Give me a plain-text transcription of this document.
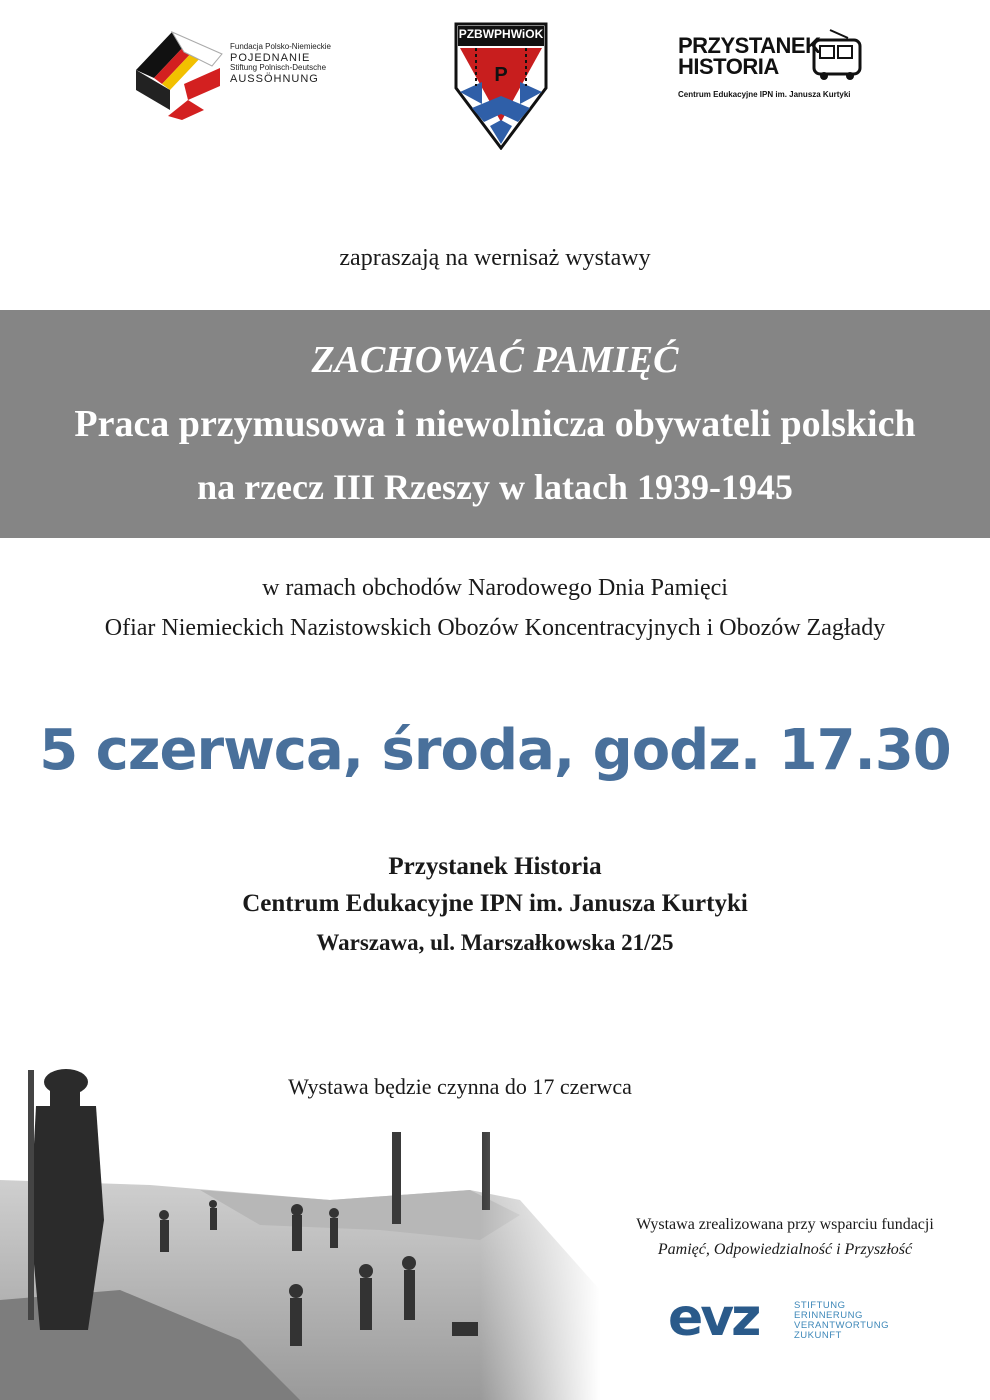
Fundacja Polsko-Niemieckie
POJEDNANIE
Stiftung Polnisch-Deutsche
AUSSÖHNUNG
PZBWPHWiOK
P
PRZYSTANEK
HISTORIA
Centrum Edukacyjne IPN im. Janusza Kurtyki
zapraszają na wernisaż wystawy
ZACHOWAĆ PAMIĘĆ
Praca przymusowa i niewolnicza obywateli polskich
na rzecz III Rzeszy w latach 1939-1945
w ramach obchodów Narodowego Dnia Pamięci
Ofiar Niemieckich Nazistowskich Obozów Koncentracyjnych i Obozów Zagłady
5 czerwca, środa, godz. 17.30
Przystanek Historia
Centrum Edukacyjne IPN im. Janusza Kurtyki
Warszawa, ul. Marszałkowska 21/25
Wystawa będzie czynna do 17 czerwca
Wystawa zrealizowana przy wsparciu fundacji
Pamięć, Odpowiedzialność i Przyszłość
evz	STIFTUNG
ERINNERUNG
VERANTWORTUNG
ZUKUNFT
